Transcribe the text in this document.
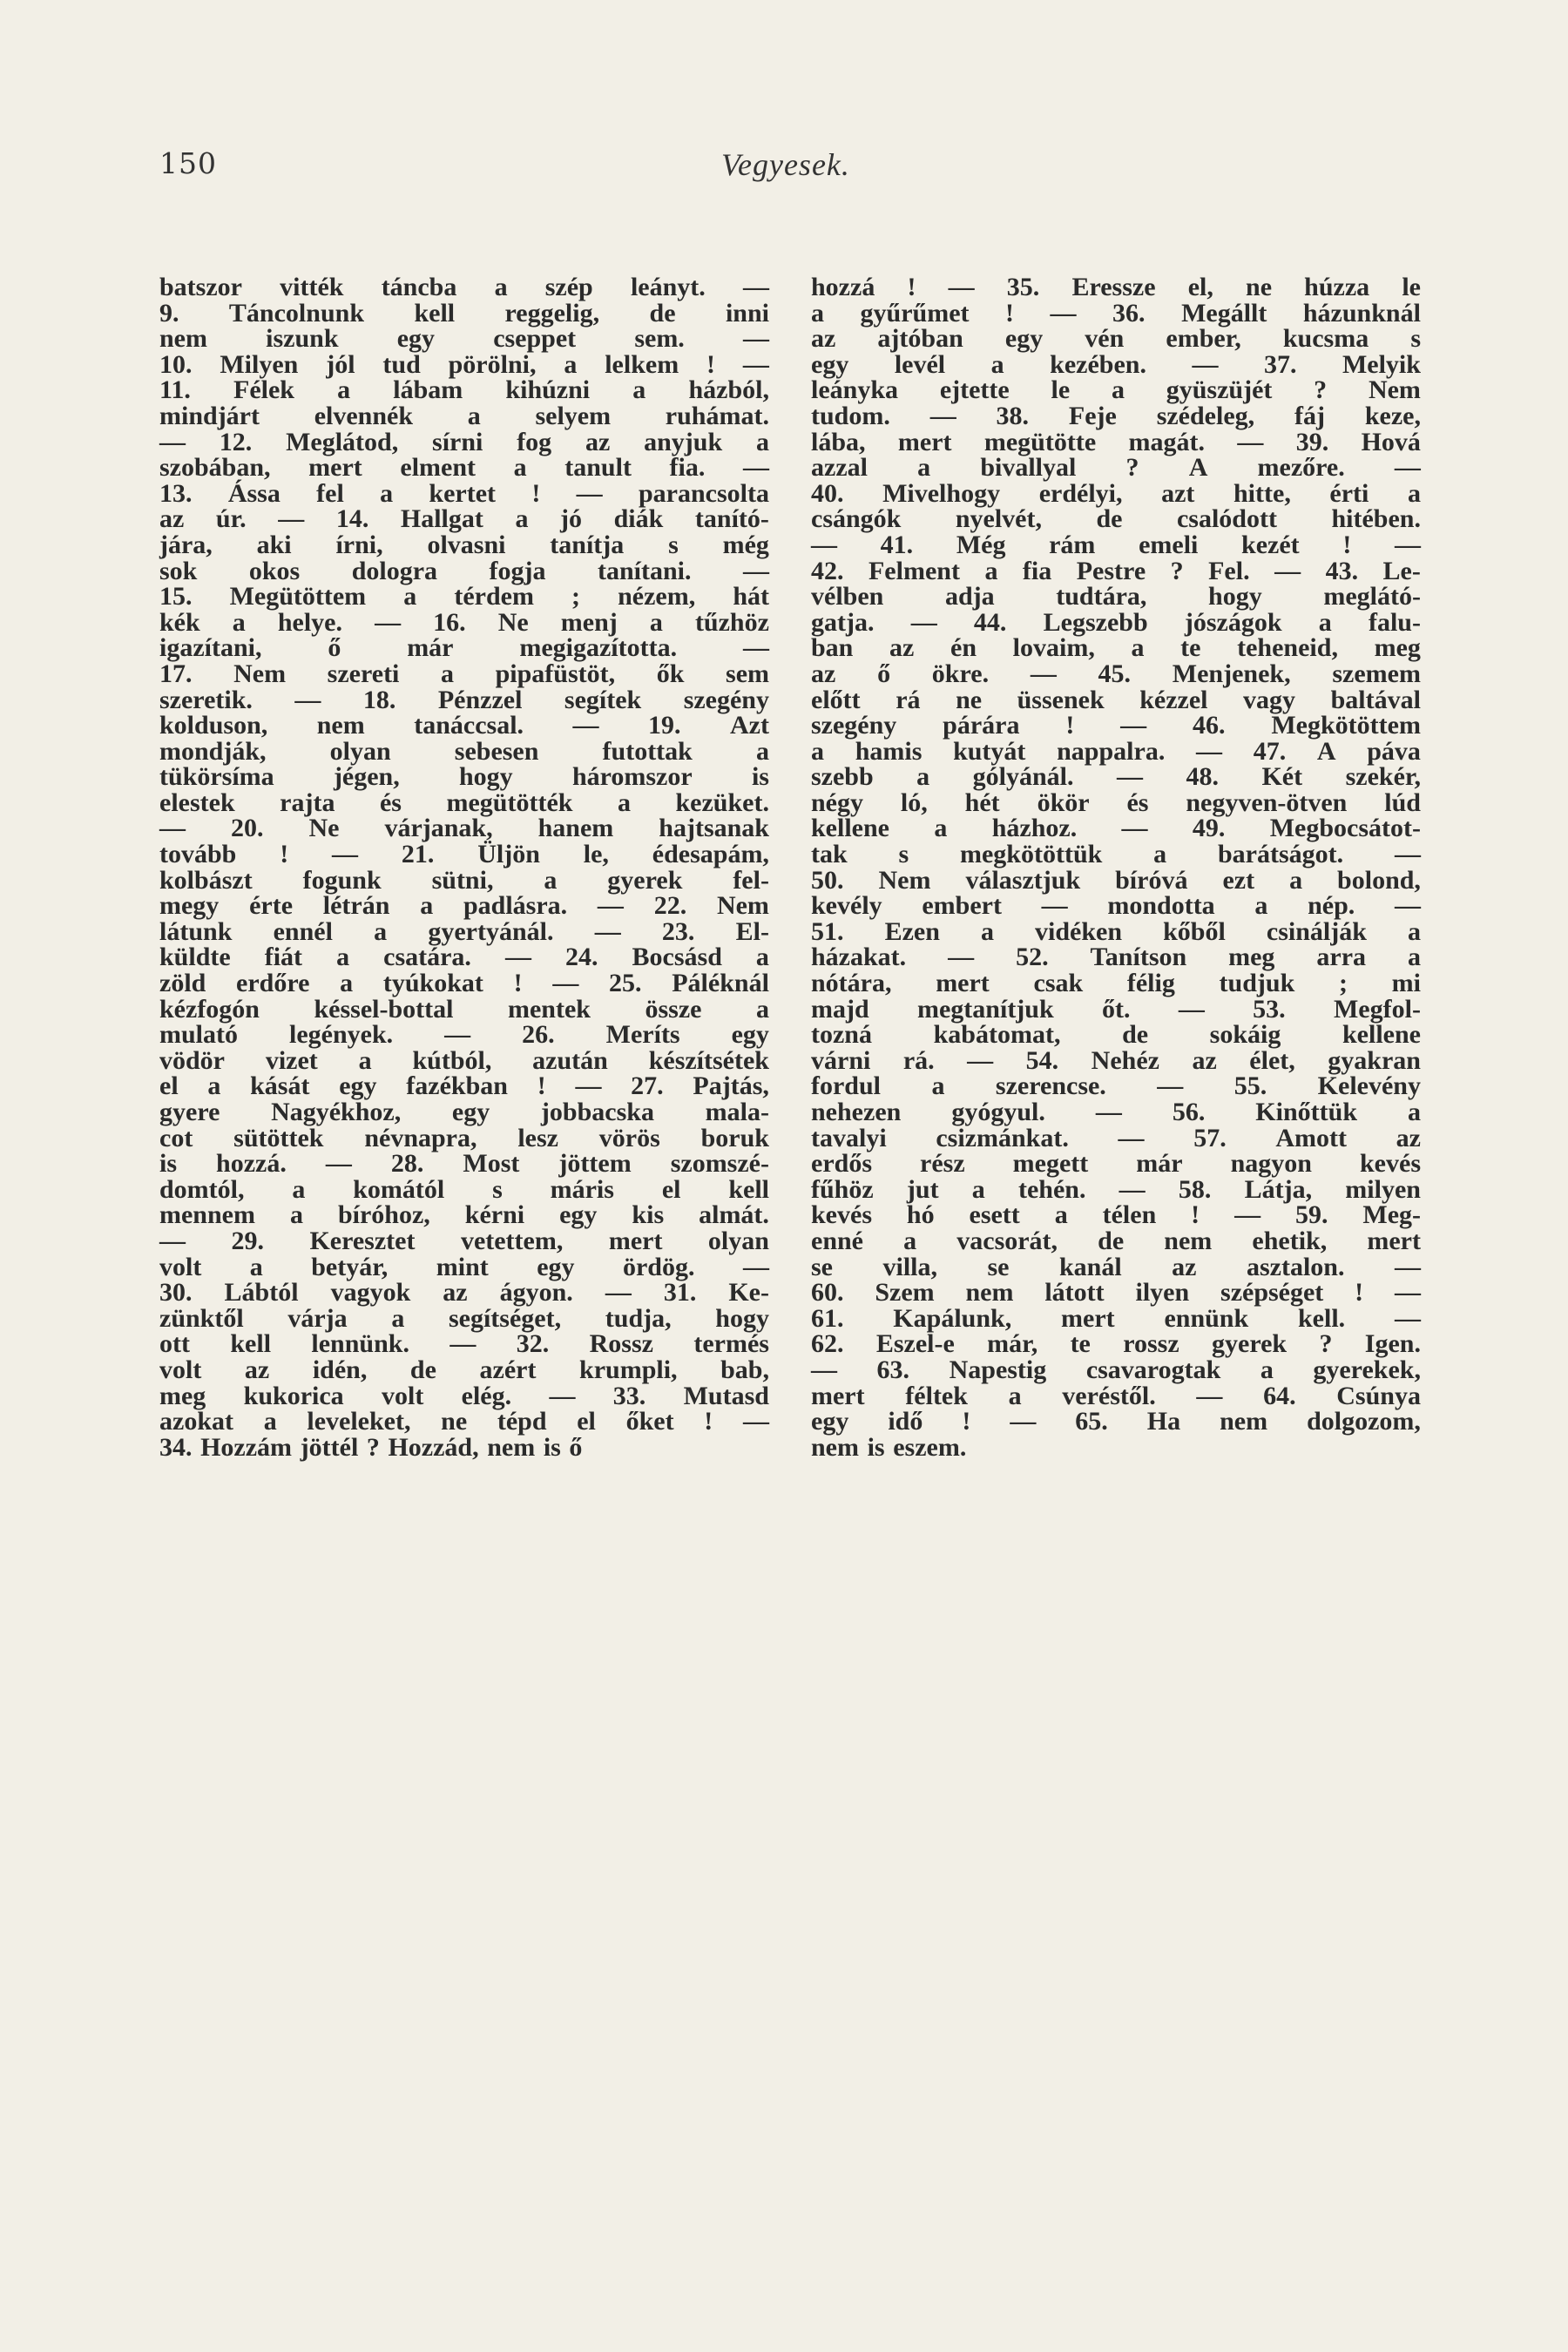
150	Vegyesek.
batszor vitték táncba a szép leányt. —
9. Táncolnunk kell reggelig, de inni
nem iszunk egy cseppet sem. —
10. Milyen jól tud pörölni, a lelkem ! —
11. Félek a lábam kihúzni a házból,
mindjárt elvennék a selyem ruhámat.
— 12. Meglátod, sírni fog az anyjuk a
szobában, mert elment a tanult fia. —
13. Ássa fel a kertet ! — parancsolta
az úr. — 14. Hallgat a jó diák tanító-
jára, aki írni, olvasni tanítja s még
sok okos dologra fogja tanítani. —
15. Megütöttem a térdem ; nézem, hát
kék a helye. — 16. Ne menj a tűzhöz
igazítani,	ő	már	megigazította.	—
17. Nem szereti a pipafüstöt, ők sem
szeretik. — 18. Pénzzel segítek szegény
kolduson, nem tanáccsal. — 19. Azt
mondják, olyan sebesen futottak a
tükörsíma jégen, hogy háromszor is
elestek rajta és megütötték a kezüket.
— 20. Ne várjanak, hanem hajtsanak
tovább ! — 21. Üljön le, édesapám,
kolbászt fogunk sütni, a gyerek fel-
megy érte létrán a padlásra. — 22. Nem
látunk ennél a gyertyánál. — 23. El-
küldte fiát a csatára. — 24. Bocsásd a
zöld erdőre a tyúkokat ! — 25. Páléknál
kézfogón késsel-bottal mentek össze a
mulató legények. — 26. Meríts egy
vödör vizet a kútból, azután készítsétek
el a kását egy fazékban ! — 27. Pajtás,
gyere Nagyékhoz, egy jobbacska mala-
cot sütöttek névnapra, lesz vörös boruk
is hozzá. — 28. Most jöttem szomszé-
domtól, a komától s máris el kell
mennem a bíróhoz, kérni egy kis almát.
— 29. Keresztet vetettem, mert olyan
volt a betyár, mint egy ördög. —
30. Lábtól vagyok az ágyon. — 31. Ke-
zünktől várja a segítséget, tudja, hogy
ott kell lennünk. — 32. Rossz termés
volt az idén, de azért krumpli, bab,
meg kukorica volt elég. — 33. Mutasd
azokat a leveleket, ne tépd el őket ! —
34. Hozzám jöttél ? Hozzád, nem is ő
hozzá ! — 35. Eressze el, ne húzza le
a gyűrűmet ! — 36. Megállt házunknál
az ajtóban egy vén ember, kucsma s
egy levél a kezében. — 37. Melyik
leányka ejtette le a gyüszüjét ? Nem
tudom. — 38. Feje szédeleg, fáj keze,
lába, mert megütötte magát. — 39. Hová
azzal a bivallyal ? A mezőre. —
40. Mivelhogy erdélyi, azt hitte, érti a
csángók nyelvét, de csalódott hitében.
— 41. Még rám emeli kezét ! —
42. Felment a fia Pestre ? Fel. — 43. Le-
vélben adja tudtára, hogy meglátó-
gatja. — 44. Legszebb jószágok a falu-
ban az én lovaim, a te teheneid, meg
az ő ökre. — 45. Menjenek, szemem
előtt rá ne üssenek kézzel vagy baltával
szegény párára ! — 46. Megkötöttem
a hamis kutyát nappalra. — 47. A páva
szebb a gólyánál. — 48. Két szekér,
négy ló, hét ökör és negyven-ötven lúd
kellene a házhoz. — 49. Megbocsátot-
tak s megkötöttük a barátságot. —
50. Nem választjuk bíróvá ezt a bolond,
kevély embert — mondotta a nép. —
51. Ezen a vidéken kőből csinálják a
házakat. — 52. Tanítson meg arra a
nótára, mert csak félig tudjuk ; mi
majd megtanítjuk őt. — 53. Megfol-
tozná kabátomat, de sokáig kellene
várni rá. — 54. Nehéz az élet, gyakran
fordul a szerencse. — 55. Kelevény
nehezen gyógyul. — 56. Kinőttük a
tavalyi csizmánkat. — 57. Amott az
erdős rész megett már nagyon kevés
fűhöz jut a tehén. — 58. Látja, milyen
kevés hó esett a télen ! — 59. Meg-
enné a vacsorát, de nem ehetik, mert
se villa, se kanál az asztalon. —
60. Szem nem látott ilyen szépséget ! —
61. Kapálunk, mert ennünk kell. —
62. Eszel-e már, te rossz gyerek ? Igen.
— 63. Napestig csavarogtak a gyerekek,
mert féltek a veréstől. — 64. Csúnya
egy idő ! — 65. Ha nem dolgozom,
nem is eszem.
